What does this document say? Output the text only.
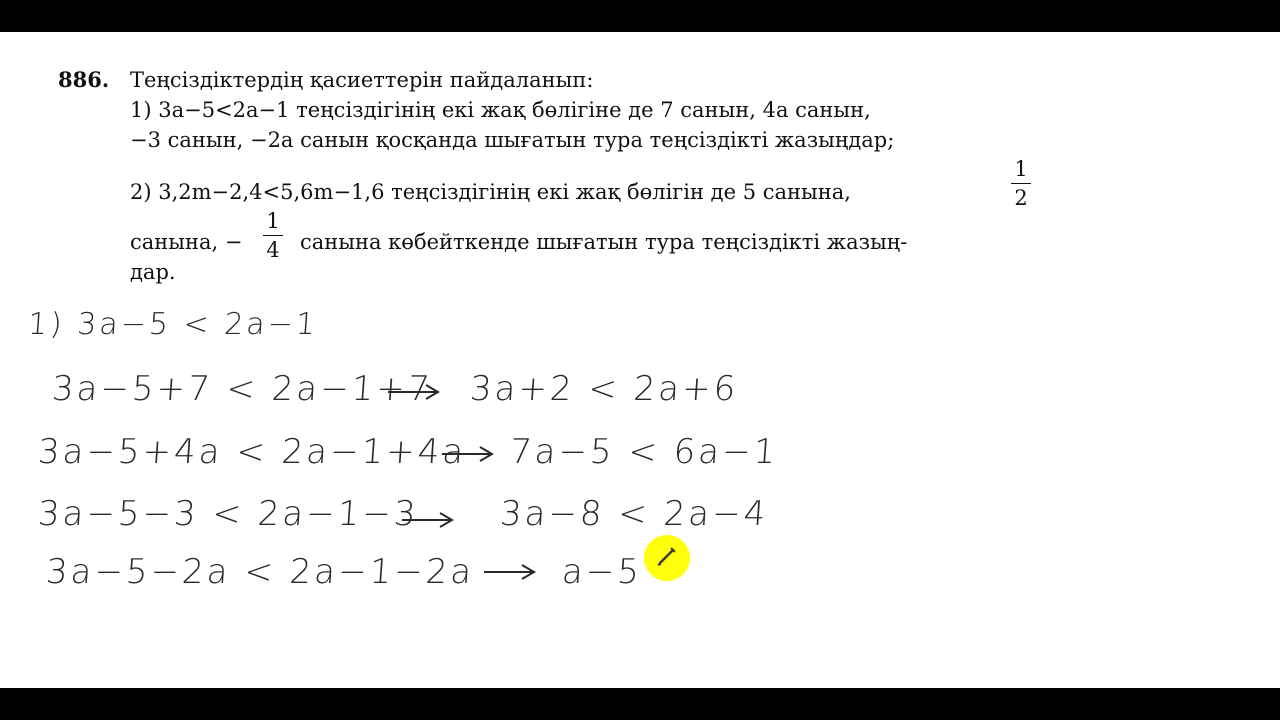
886. Теңсіздіктердің қасиеттерін пайдаланып:
1) 3a−5<2a−1 теңсіздігінің екі жақ бөлігіне де 7 санын, 4a санын,
−3 санын, −2a санын қосқанда шығатын тура теңсіздікті жазыңдар;
2) 3,2m−2,4<5,6m−1,6 теңсіздігінің екі жақ бөлігін де 5 санына,
1
2
санына, −
1
4 санына көбейткенде шығатын тура теңсіздікті жазың-
дар.
1) 3a−5 < 2a−1
3a−5+7 < 2a−1+7 3a+2 < 2a+6
3a−5+4a < 2a−1+4a 7a−5 < 6a−1
3a−5−3 < 2a−1−3 3a−8 < 2a−4
3a−5−2a < 2a−1−2a	a−5
